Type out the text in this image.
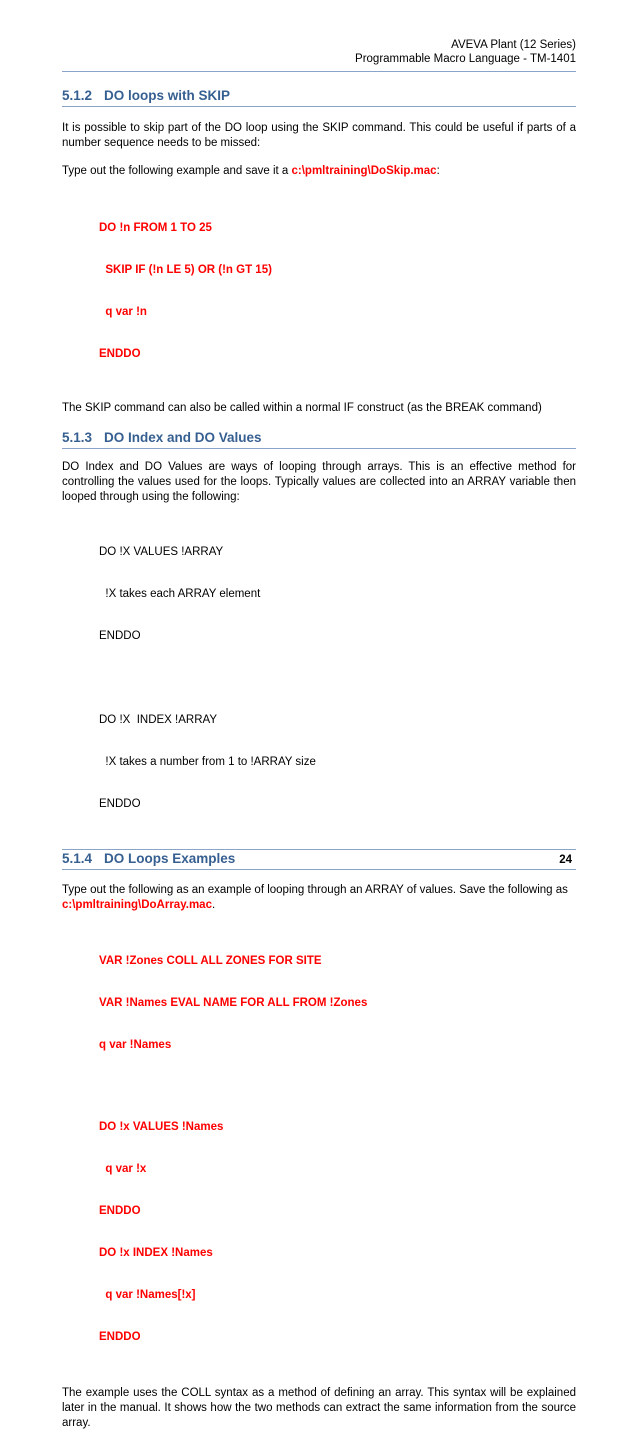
AVEVA Plant (12 Series)
Programmable Macro Language - TM-1401
5.1.2 DO loops with SKIP

It is possible to skip part of the DO loop using the SKIP command. This could be useful if parts of a number sequence needs to be missed:

Type out the following example and save it a c:\pmltraining\DoSkip.mac:

DO !n FROM 1 TO 25

SKIP IF (!n LE 5) OR (!n GT 15)

q var !n

ENDDO

The SKIP command can also be called within a normal IF construct (as the BREAK command)

5.1.3 DO Index and DO Values

DO Index and DO Values are ways of looping through arrays. This is an effective method for controlling the values used for the loops. Typically values are collected into an ARRAY variable then looped through using the following:

DO !X VALUES !ARRAY

!X takes each ARRAY element

ENDDO

DO !X  INDEX !ARRAY

!X takes a number from 1 to !ARRAY size

ENDDO

5.1.4 DO Loops Examples

Type out the following as an example of looping through an ARRAY of values. Save the following as
c:\pmltraining\DoArray.mac.

VAR !Zones COLL ALL ZONES FOR SITE

VAR !Names EVAL NAME FOR ALL FROM !Zones

q var !Names

DO !x VALUES !Names

q var !x

ENDDO

DO !x INDEX !Names

q var !Names[!x]

ENDDO

The example uses the COLL syntax as a method of defining an array. This syntax will be explained later in the manual. It shows how the two methods can extract the same information from the source array.

24
